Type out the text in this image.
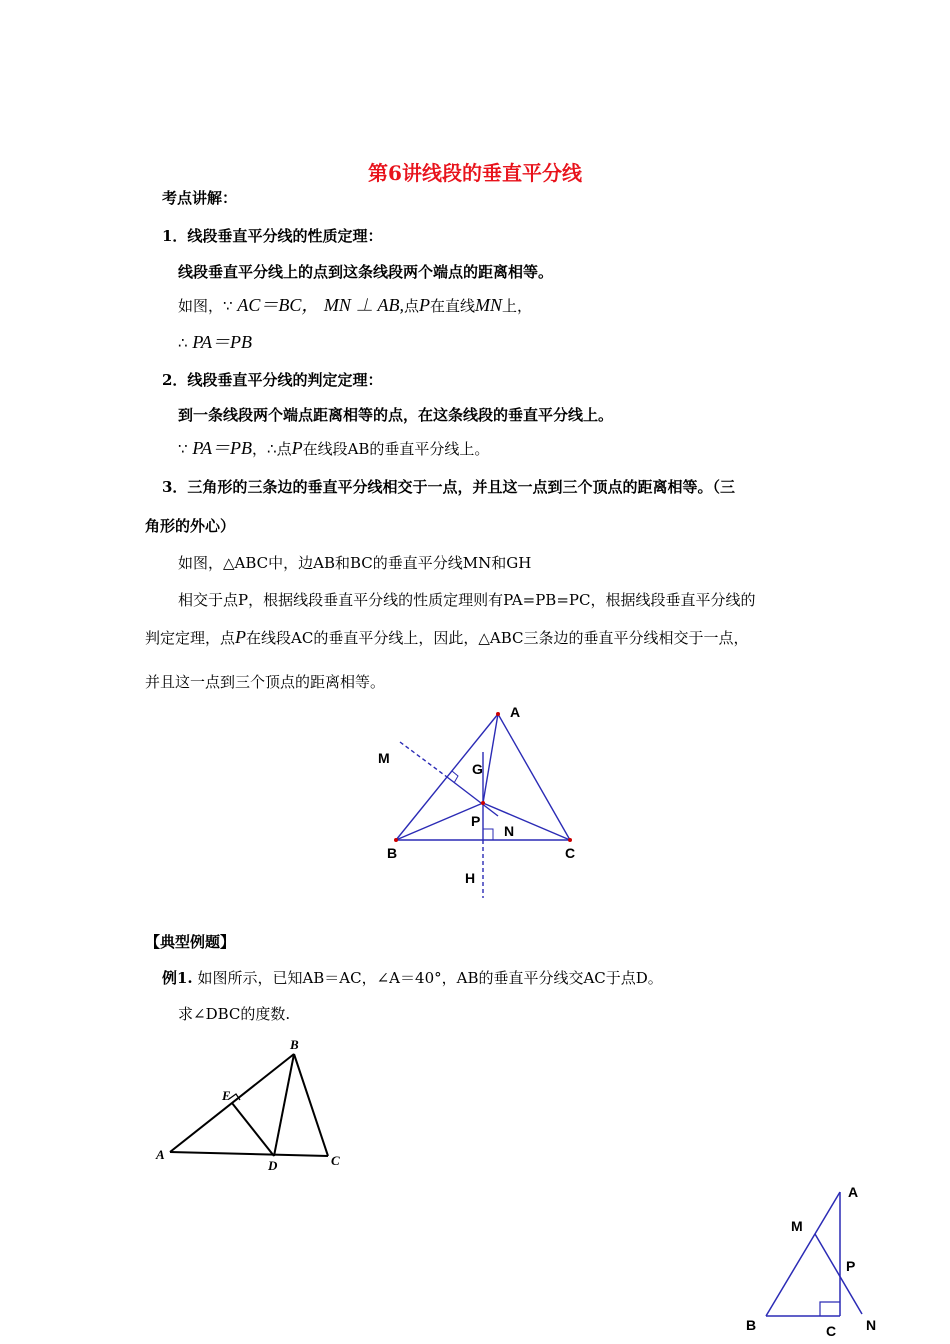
第6讲线段的垂直平分线
考点讲解：
1．线段垂直平分线的性质定理：
线段垂直平分线上的点到这条线段两个端点的距离相等。
如图，∵ AC＝BC， MN ⊥ AB,点P在直线MN上，
∴ PA＝PB
2．线段垂直平分线的判定定理：
到一条线段两个端点距离相等的点，在这条线段的垂直平分线上。
∵ PA＝PB，∴点P在线段AB的垂直平分线上。
3．三角形的三条边的垂直平分线相交于一点，并且这一点到三个顶点的距离相等。（三
角形的外心）
如图，△ABC中，边AB和BC的垂直平分线MN和GH
相交于点P，根据线段垂直平分线的性质定理则有PA=PB=PC，根据线段垂直平分线的
判定定理，点P在线段AC的垂直平分线上，因此，△ABC三条边的垂直平分线相交于一点，
并且这一点到三个顶点的距离相等。
A
B	C
M
N
G
H
P
【典型例题】
例1. 如图所示，已知AB＝AC，∠A＝40°，AB的垂直平分线交AC于点D。
求∠DBC的度数.
A
B
C
D
E
A
B	C
M
N
P
